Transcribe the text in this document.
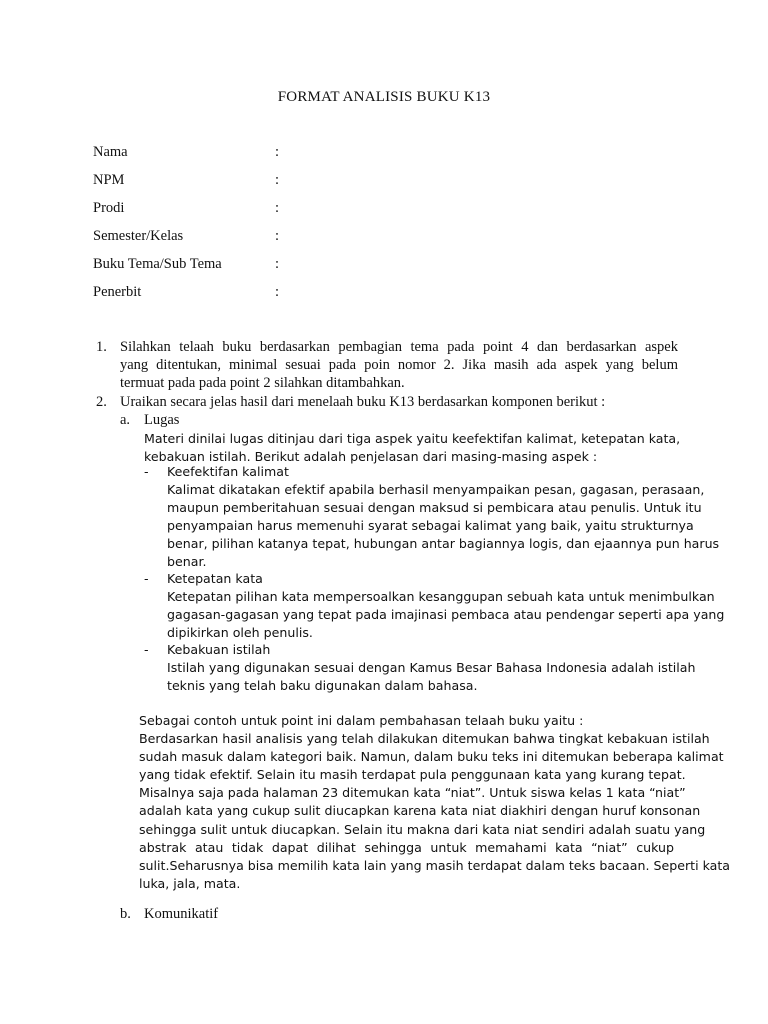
FORMAT ANALISIS BUKU K13
Nama	:
NPM	:
Prodi	:
Semester/Kelas	:
Buku Tema/Sub Tema	:
Penerbit	:
1. Silahkan telaah buku berdasarkan pembagian tema pada point 4 dan berdasarkan aspek
yang ditentukan, minimal sesuai pada poin nomor 2. Jika masih ada aspek yang belum
termuat pada pada point 2 silahkan ditambahkan.
2. Uraikan secara jelas hasil dari menelaah buku K13 berdasarkan komponen berikut :
a. Lugas
Materi dinilai lugas ditinjau dari tiga aspek yaitu keefektifan kalimat, ketepatan kata,
kebakuan istilah. Berikut adalah penjelasan dari masing-masing aspek :
- Keefektifan kalimat
Kalimat dikatakan efektif apabila berhasil menyampaikan pesan, gagasan, perasaan,
maupun pemberitahuan sesuai dengan maksud si pembicara atau penulis. Untuk itu
penyampaian harus memenuhi syarat sebagai kalimat yang baik, yaitu strukturnya
benar, pilihan katanya tepat, hubungan antar bagiannya logis, dan ejaannya pun harus
benar.
- Ketepatan kata
Ketepatan pilihan kata mempersoalkan kesanggupan sebuah kata untuk menimbulkan
gagasan-gagasan yang tepat pada imajinasi pembaca atau pendengar seperti apa yang
dipikirkan oleh penulis.
- Kebakuan istilah
Istilah yang digunakan sesuai dengan Kamus Besar Bahasa Indonesia adalah istilah
teknis yang telah baku digunakan dalam bahasa.
Sebagai contoh untuk point ini dalam pembahasan telaah buku yaitu :
Berdasarkan hasil analisis yang telah dilakukan ditemukan bahwa tingkat kebakuan istilah
sudah masuk dalam kategori baik. Namun, dalam buku teks ini ditemukan beberapa kalimat
yang tidak efektif. Selain itu masih terdapat pula penggunaan kata yang kurang tepat.
Misalnya saja pada halaman 23 ditemukan kata “niat”. Untuk siswa kelas 1 kata “niat”
adalah kata yang cukup sulit diucapkan karena kata niat diakhiri dengan huruf konsonan
sehingga sulit untuk diucapkan. Selain itu makna dari kata niat sendiri adalah suatu yang
abstrak atau tidak dapat dilihat sehingga untuk memahami kata “niat” cukup
sulit.Seharusnya bisa memilih kata lain yang masih terdapat dalam teks bacaan. Seperti kata
luka, jala, mata.
b. Komunikatif
